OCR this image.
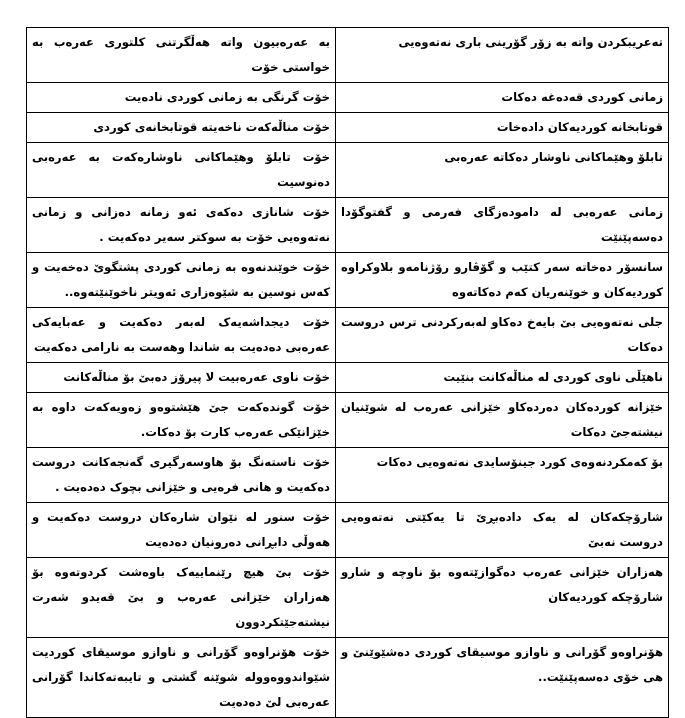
تەعریبکردن واتە بە زۆر گۆرینی باری نەتەوەیی	بە عەرەبیون واتە هەڵگرتنی کلتوری عەرەب بە خواستی خۆت
زمانی کوردی قەدەغە دەکات	خۆت گرنگی بە زمانی کوردی نادەیت
قوتابخانە کوردیەکان دادەخات	خۆت مناڵەکەت ناخەیتە قوتابخانەی کوردی
تابلۆ وهێماکانی ناوشار دەکاتە عەرەبی	خۆت تابلۆ وهێماکانی ناوشارەکەت بە عەرەبی دەنوسیت
زمانی عەرەبی لە دامودەزگای فەرمی و گفتوگۆدا دەسەپێنێت	خۆت شانازی دەکەی ئەو زمانە دەزانی و زمانی نەتەوەیی خۆت بە سوکتر سەیر دەکەیت .
سانسۆر دەخاتە سەر کتێب و گۆڤارو رۆژنامەو بلاوکراوە کوردیەکان و خوێنەریان کەم دەکاتەوە	خۆت خوێندنەوە بە زمانی کوردی پشتگوێ دەخەیت و کەس نوسین بە شێوەزاری ئەویتر ناخوێنێتەوە..
جلی نەتەوەیی بێ بایەخ دەکاو لەبەرکردنی ترس دروست دەکات	خۆت دیجداشەیەک لەبەر دەکەیت و عەبایەکی عەرەبی دەدەیت بە شاندا وهەست بە نارامی دەکەیت
ناهێڵی ناوی کوردی لە مناڵەکانت بنێیت	خۆت ناوی عەرەبیت لا پیرۆز دەبێ بۆ مناڵەکانت
خێزانە کوردەکان دەردەکاو خێزانی عەرەب لە شوێنیان نیشتەجێ دەکات	خۆت گوندەکەت جێ هێشتوەو زەویەکەت داوە بە خێزانێکی عەرەب کارت بۆ دەکات.
بۆ کەمکردنەوەی کورد جینۆسایدی نەتەوەیی دەکات	خۆت ناستەنگ بۆ هاوسەرگیری گەنجەکانت دروست دەکەیت و هانی فرەیی و خێزانی بچوک دەدەیت .
شارۆچکەکان لە یەک دادەبڕێ تا یەکێتی نەتەوەیی دروست نەبێ	خۆت سنور لە نێوان شارەکان دروست دەکەیت و هەوڵی دابڕانی دەرونیان دەدەیت
هەزاران خێزانی عەرەب دەگوازێتەوە بۆ ناوچە و شارو شارۆچکە کوردیەکان	خۆت بێ هیچ رێنماییەک باوەشت کردوتەوە بۆ هەزاران خێزانی عەرەب و بێ قەیدو شەرت نیشتەجێتکردوون
هۆنراوەو گۆرانی و ناوازو موسیقای کوردی دەشێوێنێ و هی خۆی دەسەپێنێت..	خۆت هۆنراوەو گۆرانی و ناوازو موسیقای کوردیت شێواندووەوولە شوێنە گشتی و تایبەتەکاندا گۆرانی عەرەبی لێ دەدەیت
